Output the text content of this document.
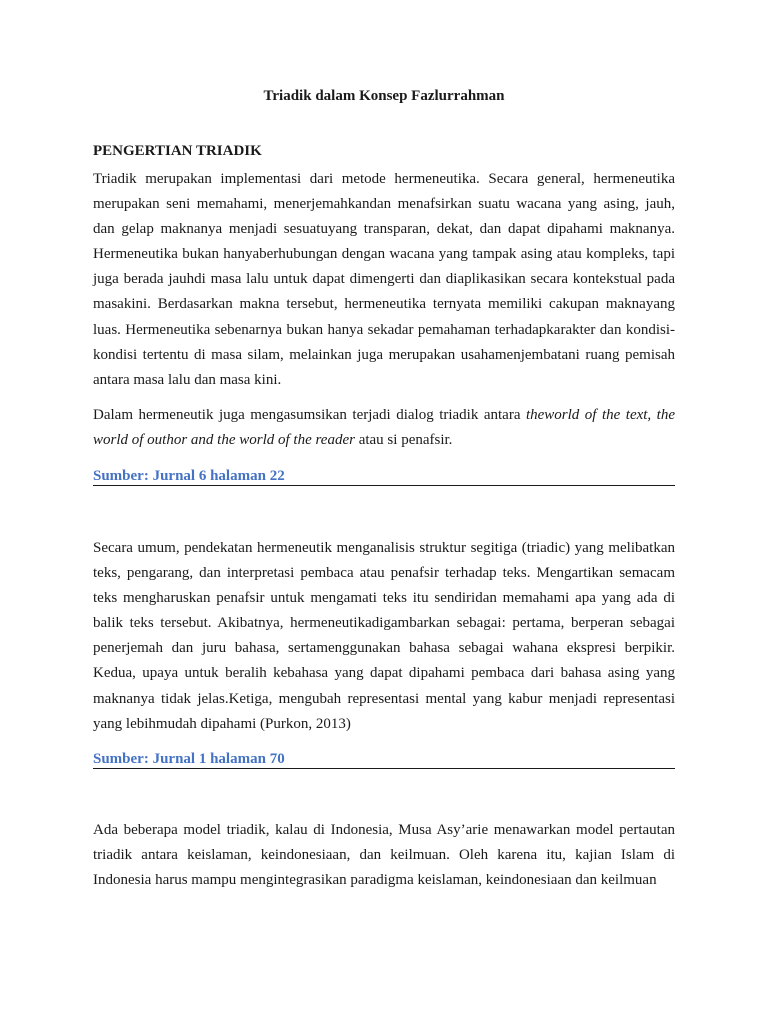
Triadik dalam Konsep Fazlurrahman

PENGERTIAN TRIADIK

Triadik merupakan implementasi dari metode hermeneutika. Secara general, hermeneutika merupakan seni memahami, menerjemahkandan menafsirkan suatu wacana yang asing, jauh, dan gelap maknanya menjadi sesuatuyang transparan, dekat, dan dapat dipahami maknanya. Hermeneutika bukan hanyaberhubungan dengan wacana yang tampak asing atau kompleks, tapi juga berada jauhdi masa lalu untuk dapat dimengerti dan diaplikasikan secara kontekstual pada masakini. Berdasarkan makna tersebut, hermeneutika ternyata memiliki cakupan maknayang luas. Hermeneutika sebenarnya bukan hanya sekadar pemahaman terhadapkarakter dan kondisi-kondisi tertentu di masa silam, melainkan juga merupakan usahamenjembatani ruang pemisah antara masa lalu dan masa kini.

Dalam hermeneutik juga mengasumsikan terjadi dialog triadik antara theworld of the text, the world of outhor and the world of the reader atau si penafsir.

Sumber: Jurnal 6 halaman 22

Secara umum, pendekatan hermeneutik menganalisis struktur segitiga (triadic) yang melibatkan teks, pengarang, dan interpretasi pembaca atau penafsir terhadap teks. Mengartikan semacam teks mengharuskan penafsir untuk mengamati teks itu sendiridan memahami apa yang ada di balik teks tersebut. Akibatnya, hermeneutikadigambarkan sebagai: pertama, berperan sebagai penerjemah dan juru bahasa, sertamenggunakan bahasa sebagai wahana ekspresi berpikir. Kedua, upaya untuk beralih kebahasa yang dapat dipahami pembaca dari bahasa asing yang maknanya tidak jelas.Ketiga, mengubah representasi mental yang kabur menjadi representasi yang lebihmudah dipahami (Purkon, 2013)

Sumber: Jurnal 1 halaman 70

Ada beberapa model triadik, kalau di Indonesia, Musa Asy’arie menawarkan model pertautan triadik antara keislaman, keindonesiaan, dan keilmuan. Oleh karena itu, kajian Islam di Indonesia harus mampu mengintegrasikan paradigma keislaman, keindonesiaan dan keilmuan
